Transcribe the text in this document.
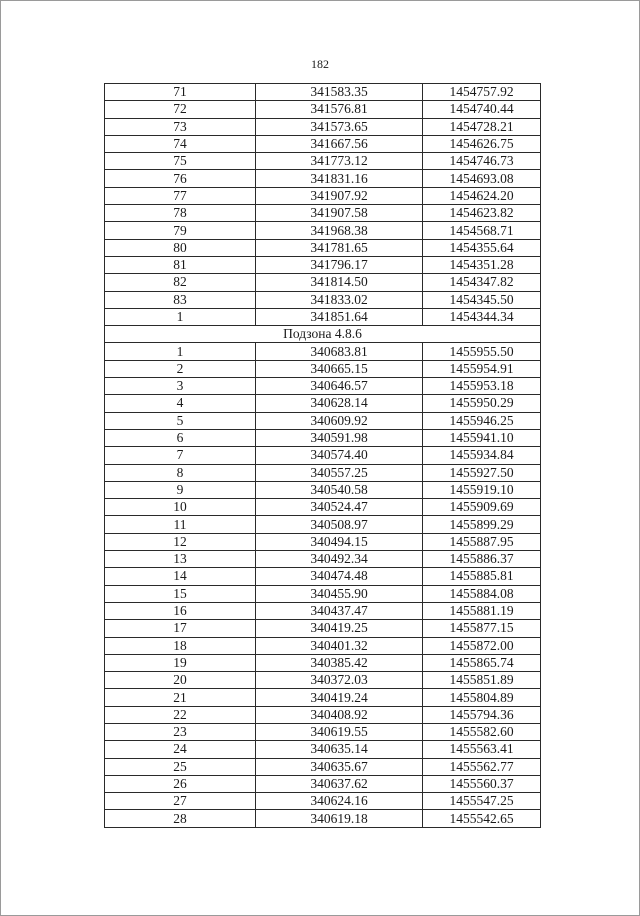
182
71	341583.35	1454757.92
72	341576.81	1454740.44
73	341573.65	1454728.21
74	341667.56	1454626.75
75	341773.12	1454746.73
76	341831.16	1454693.08
77	341907.92	1454624.20
78	341907.58	1454623.82
79	341968.38	1454568.71
80	341781.65	1454355.64
81	341796.17	1454351.28
82	341814.50	1454347.82
83	341833.02	1454345.50
1	341851.64	1454344.34
Подзона 4.8.6		
1	340683.81	1455955.50
2	340665.15	1455954.91
3	340646.57	1455953.18
4	340628.14	1455950.29
5	340609.92	1455946.25
6	340591.98	1455941.10
7	340574.40	1455934.84
8	340557.25	1455927.50
9	340540.58	1455919.10
10	340524.47	1455909.69
11	340508.97	1455899.29
12	340494.15	1455887.95
13	340492.34	1455886.37
14	340474.48	1455885.81
15	340455.90	1455884.08
16	340437.47	1455881.19
17	340419.25	1455877.15
18	340401.32	1455872.00
19	340385.42	1455865.74
20	340372.03	1455851.89
21	340419.24	1455804.89
22	340408.92	1455794.36
23	340619.55	1455582.60
24	340635.14	1455563.41
25	340635.67	1455562.77
26	340637.62	1455560.37
27	340624.16	1455547.25
28	340619.18	1455542.65
